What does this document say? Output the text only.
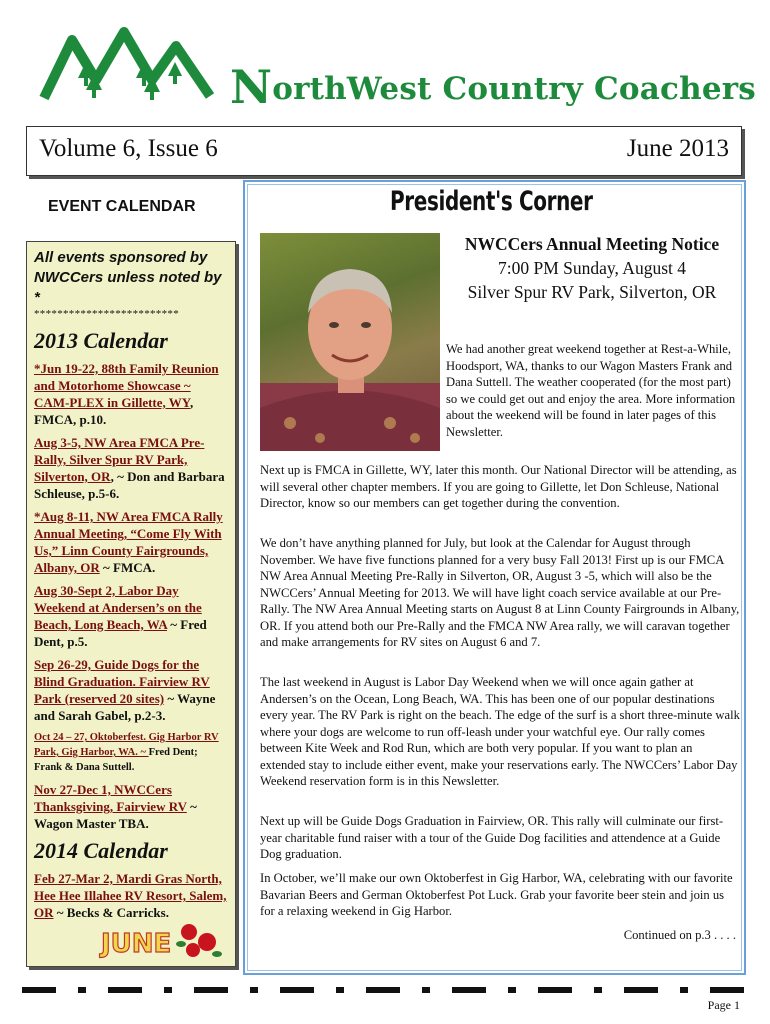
NorthWest Country Coachers
Volume 6, Issue 6	June 2013
EVENT CALENDAR
All events sponsored by NWCCers unless noted by *
*************************
2013 Calendar
*Jun 19-22, 88th Family Reunion and Motorhome Showcase ~ CAM-PLEX in Gillette, WY, FMCA, p.10.
Aug 3-5, NW Area FMCA Pre-Rally, Silver Spur RV Park, Silverton, OR, ~ Don and Barbara Schleuse, p.5-6.
*Aug 8-11, NW Area FMCA Rally Annual Meeting, “Come Fly With Us,” Linn County Fairgrounds, Albany, OR ~ FMCA.
Aug 30-Sept 2, Labor Day Weekend at Andersen’s on the Beach, Long Beach, WA ~ Fred Dent, p.5.
Sep 26-29, Guide Dogs for the Blind Graduation. Fairview RV Park (reserved 20 sites) ~ Wayne and Sarah Gabel, p.2-3.
Oct 24 – 27, Oktoberfest. Gig Harbor RV Park, Gig Harbor, WA. ~ Fred Dent; Frank & Dana Suttell.
Nov 27-Dec 1, NWCCers Thanksgiving, Fairview RV ~ Wagon Master TBA.
2014 Calendar
Feb 27-Mar 2, Mardi Gras North, Hee Hee Illahee RV Resort, Salem, OR ~ Becks & Carricks.
JUNE
President's Corner
NWCCers Annual Meeting Notice
7:00 PM Sunday, August 4
Silver Spur RV Park, Silverton, OR
We had another great weekend together at Rest-a-While, Hoodsport, WA, thanks to our Wagon Masters Frank and Dana Suttell. The weather cooperated (for the most part) so we could get out and enjoy the area. More information about the weekend will be found in later pages of this Newsletter.
Next up is FMCA in Gillette, WY, later this month. Our National Director will be attending, as will several other chapter members. If you are going to Gillette, let Don Schleuse, National Director, know so our members can get together during the convention.
We don’t have anything planned for July, but look at the Calendar for August through November. We have five functions planned for a very busy Fall 2013! First up is our FMCA NW Area Annual Meeting Pre-Rally in Silverton, OR, August 3 -5, which will also be the NWCCers’ Annual Meeting for 2013. We will have light coach service available at our Pre-Rally. The NW Area Annual Meeting starts on August 8 at Linn County Fairgrounds in Albany, OR. If you attend both our Pre-Rally and the FMCA NW Area rally, we will caravan together and make arrangements for RV sites on August 6 and 7.
The last weekend in August is Labor Day Weekend when we will once again gather at Andersen’s on the Ocean, Long Beach, WA. This has been one of our popular destinations every year. The RV Park is right on the beach. The edge of the surf is a short three-minute walk where your dogs are welcome to run off-leash under your watchful eye. Our rally comes between Kite Week and Rod Run, which are both very popular. If you want to plan an extended stay to include either event, make your reservations early. The NWCCers’ Labor Day Weekend reservation form is in this Newsletter.
Next up will be Guide Dogs Graduation in Fairview, OR. This rally will culminate our first-year charitable fund raiser with a tour of the Guide Dog facilities and attendence at a Guide Dog graduation.
In October, we’ll make our own Oktoberfest in Gig Harbor, WA, celebrating with our favorite Bavarian Beers and German Oktoberfest Pot Luck. Grab your favorite beer stein and join us for a relaxing weekend in Gig Harbor.
Continued on p.3 . . . .
Page 1
